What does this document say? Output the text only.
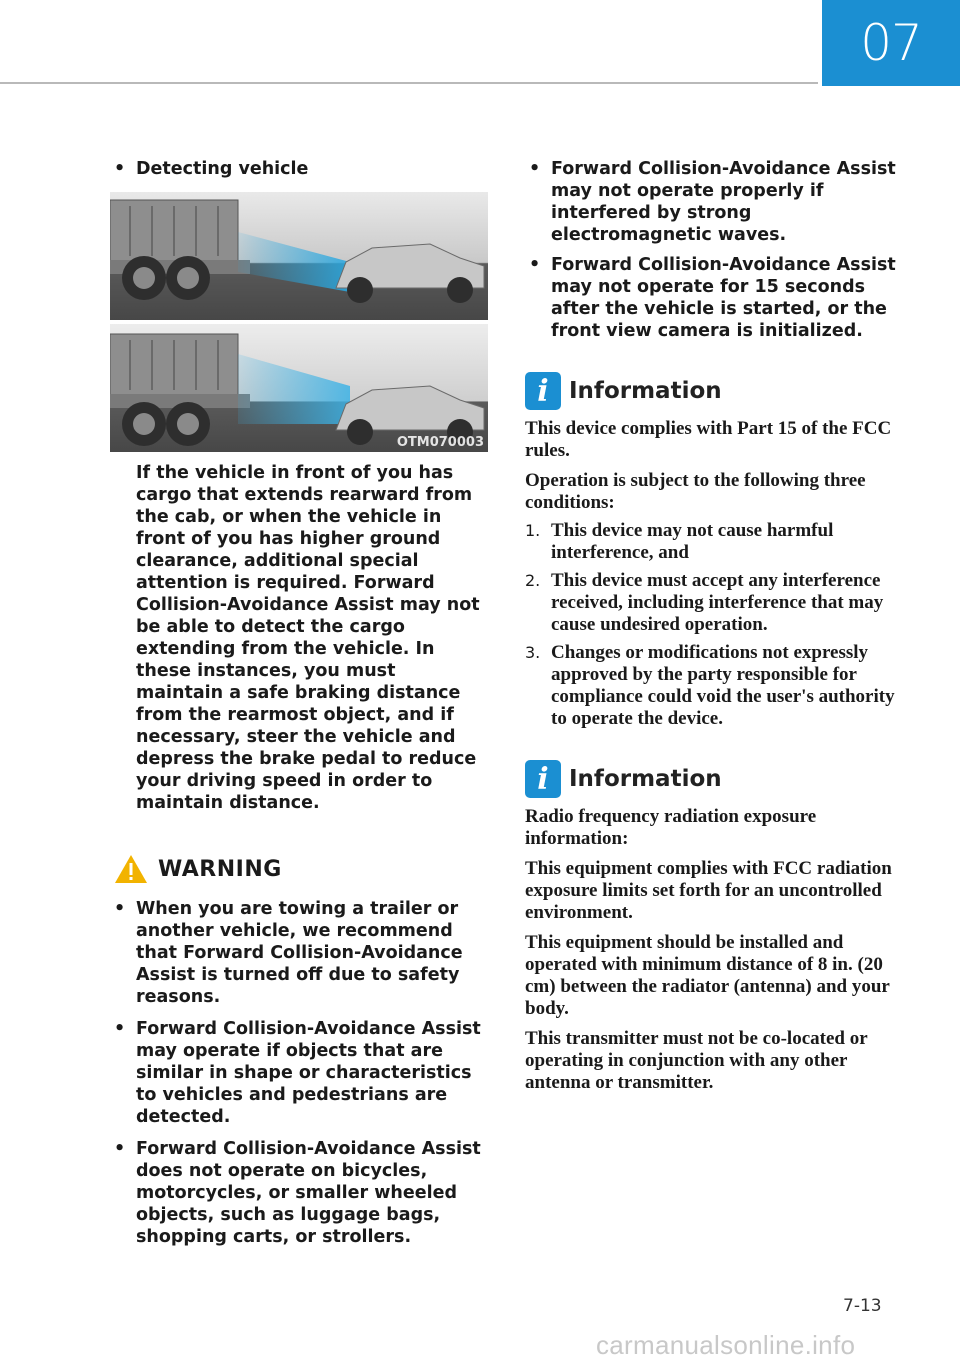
07
• Detecting vehicle
OTM070003
If the vehicle in front of you has cargo that extends rearward from the cab, or when the vehicle in front of you has higher ground clearance, additional special attention is required. Forward Collision-Avoidance Assist may not be able to detect the cargo extending from the vehicle. In these instances, you must maintain a safe braking distance from the rearmost object, and if necessary, steer the vehicle and depress the brake pedal to reduce your driving speed in order to maintain distance.
WARNING
• When you are towing a trailer or another vehicle, we recommend that Forward Collision-Avoidance Assist is turned off due to safety reasons.
• Forward Collision-Avoidance Assist may operate if objects that are similar in shape or characteristics to vehicles and pedestrians are detected.
• Forward Collision-Avoidance Assist does not operate on bicycles, motorcycles, or smaller wheeled objects, such as luggage bags, shopping carts, or strollers.
• Forward Collision-Avoidance Assist may not operate properly if interfered by strong electromagnetic waves.
• Forward Collision-Avoidance Assist may not operate for 15 seconds after the vehicle is started, or the front view camera is initialized.
i Information

This device complies with Part 15 of the FCC rules.

Operation is subject to the following three conditions:

1. This device may not cause harmful interference, and
2. This device must accept any interference received, including interference that may cause undesired operation.
3. Changes or modifications not expressly approved by the party responsible for compliance could void the user's authority to operate the device.
i Information

Radio frequency radiation exposure information:

This equipment complies with FCC radiation exposure limits set forth for an uncontrolled environment.

This equipment should be installed and operated with minimum distance of 8 in. (20 cm) between the radiator (antenna) and your body.

This transmitter must not be co-located or operating in conjunction with any other antenna or transmitter.

7-13
carmanualsonline.info
